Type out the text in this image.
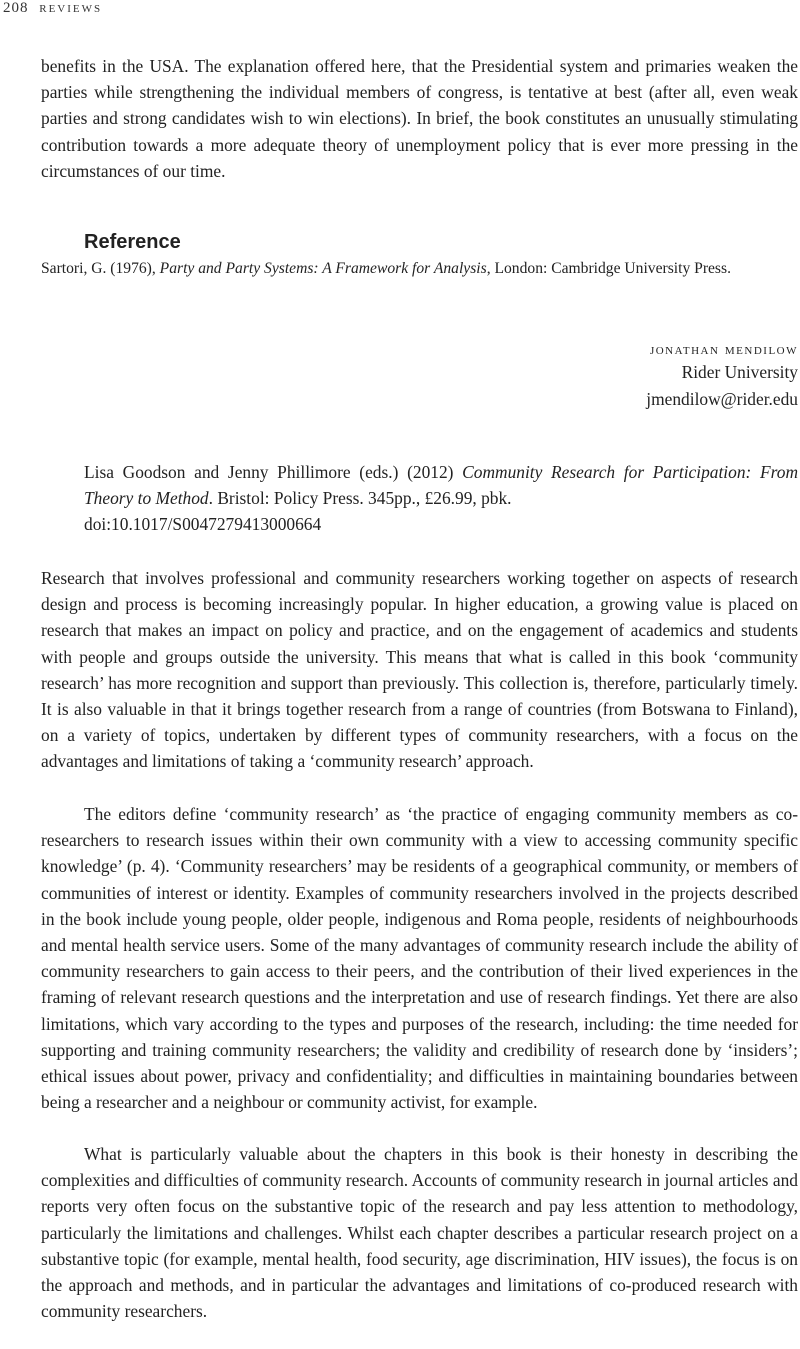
208 reviews

benefits in the USA. The explanation offered here, that the Presidential system and primaries weaken the parties while strengthening the individual members of congress, is tentative at best (after all, even weak parties and strong candidates wish to win elections). In brief, the book constitutes an unusually stimulating contribution towards a more adequate theory of unemployment policy that is ever more pressing in the circumstances of our time.

Reference

Sartori, G. (1976), Party and Party Systems: A Framework for Analysis, London: Cambridge University Press.

jonathan mendilow
Rider University
jmendilow@rider.edu

Lisa Goodson and Jenny Phillimore (eds.) (2012) Community Research for Participation: From Theory to Method. Bristol: Policy Press. 345pp., £26.99, pbk.
doi:10.1017/S0047279413000664

Research that involves professional and community researchers working together on aspects of research design and process is becoming increasingly popular. In higher education, a growing value is placed on research that makes an impact on policy and practice, and on the engagement of academics and students with people and groups outside the university. This means that what is called in this book ‘community research’ has more recognition and support than previously. This collection is, therefore, particularly timely. It is also valuable in that it brings together research from a range of countries (from Botswana to Finland), on a variety of topics, undertaken by different types of community researchers, with a focus on the advantages and limitations of taking a ‘community research’ approach.

The editors define ‘community research’ as ‘the practice of engaging community members as co-researchers to research issues within their own community with a view to accessing community specific knowledge’ (p. 4). ‘Community researchers’ may be residents of a geographical community, or members of communities of interest or identity. Examples of community researchers involved in the projects described in the book include young people, older people, indigenous and Roma people, residents of neighbourhoods and mental health service users. Some of the many advantages of community research include the ability of community researchers to gain access to their peers, and the contribution of their lived experiences in the framing of relevant research questions and the interpretation and use of research findings. Yet there are also limitations, which vary according to the types and purposes of the research, including: the time needed for supporting and training community researchers; the validity and credibility of research done by ‘insiders’; ethical issues about power, privacy and confidentiality; and difficulties in maintaining boundaries between being a researcher and a neighbour or community activist, for example.

What is particularly valuable about the chapters in this book is their honesty in describing the complexities and difficulties of community research. Accounts of community research in journal articles and reports very often focus on the substantive topic of the research and pay less attention to methodology, particularly the limitations and challenges. Whilst each chapter describes a particular research project on a substantive topic (for example, mental health, food security, age discrimination, HIV issues), the focus is on the approach and methods, and in particular the advantages and limitations of co-produced research with community researchers.
